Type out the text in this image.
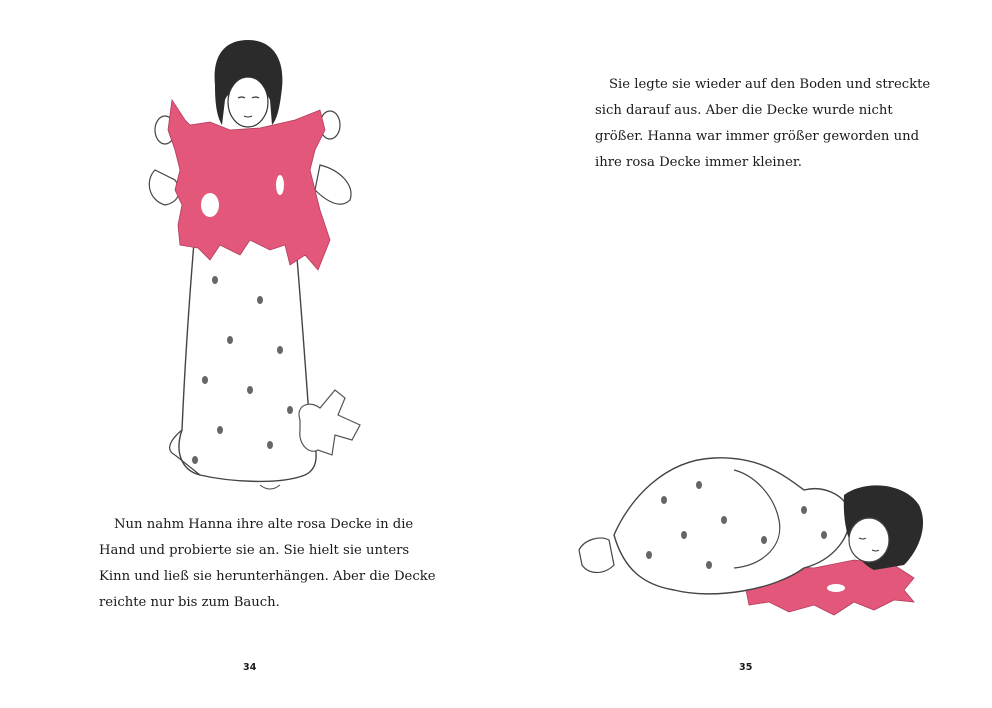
Nun nahm Hanna ihre alte rosa Decke in die
Hand und probierte sie an. Sie hielt sie unters
Kinn und ließ sie herunterhängen. Aber die Decke
reichte nur bis zum Bauch.

34

Sie legte sie wieder auf den Boden und streckte
sich darauf aus. Aber die Decke wurde nicht
größer. Hanna war immer größer geworden und
ihre rosa Decke immer kleiner.

35
